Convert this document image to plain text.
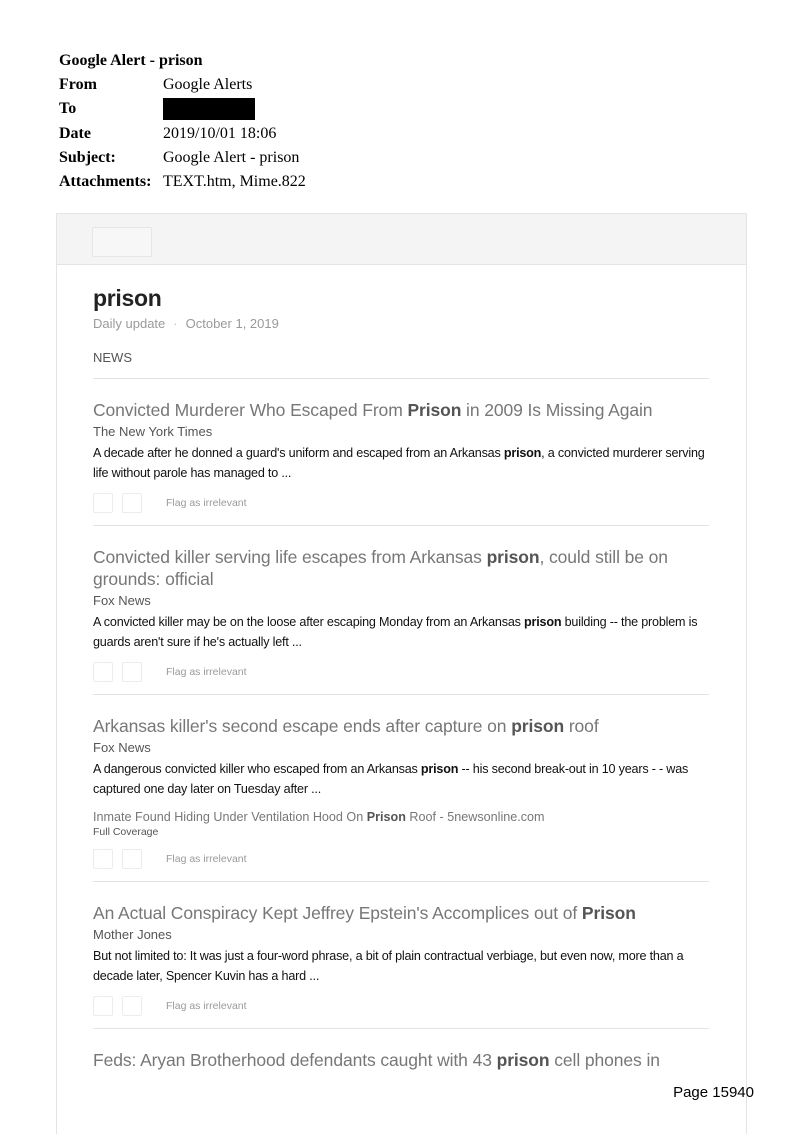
Google Alert - prison
From	Google Alerts
To
Date	2019/10/01 18:06
Subject:	Google Alert - prison
Attachments: TEXT.htm, Mime.822
prison
Daily update · October 1, 2019
NEWS
Convicted Murderer Who Escaped From Prison in 2009 Is Missing Again
The New York Times
A decade after he donned a guard's uniform and escaped from an Arkansas prison, a convicted murderer serving life without parole has managed to ...
Flag as irrelevant
Convicted killer serving life escapes from Arkansas prison, could still be on grounds: official
Fox News
A convicted killer may be on the loose after escaping Monday from an Arkansas prison building -- the problem is guards aren't sure if he's actually left ...
Flag as irrelevant
Arkansas killer's second escape ends after capture on prison roof
Fox News
A dangerous convicted killer who escaped from an Arkansas prison -- his second break-out in 10 years - - was captured one day later on Tuesday after ...
Inmate Found Hiding Under Ventilation Hood On Prison Roof - 5newsonline.com
Full Coverage
Flag as irrelevant
An Actual Conspiracy Kept Jeffrey Epstein's Accomplices out of Prison
Mother Jones
But not limited to: It was just a four-word phrase, a bit of plain contractual verbiage, but even now, more than a decade later, Spencer Kuvin has a hard ...
Flag as irrelevant
Feds: Aryan Brotherhood defendants caught with 43 prison cell phones in
Page 15940
